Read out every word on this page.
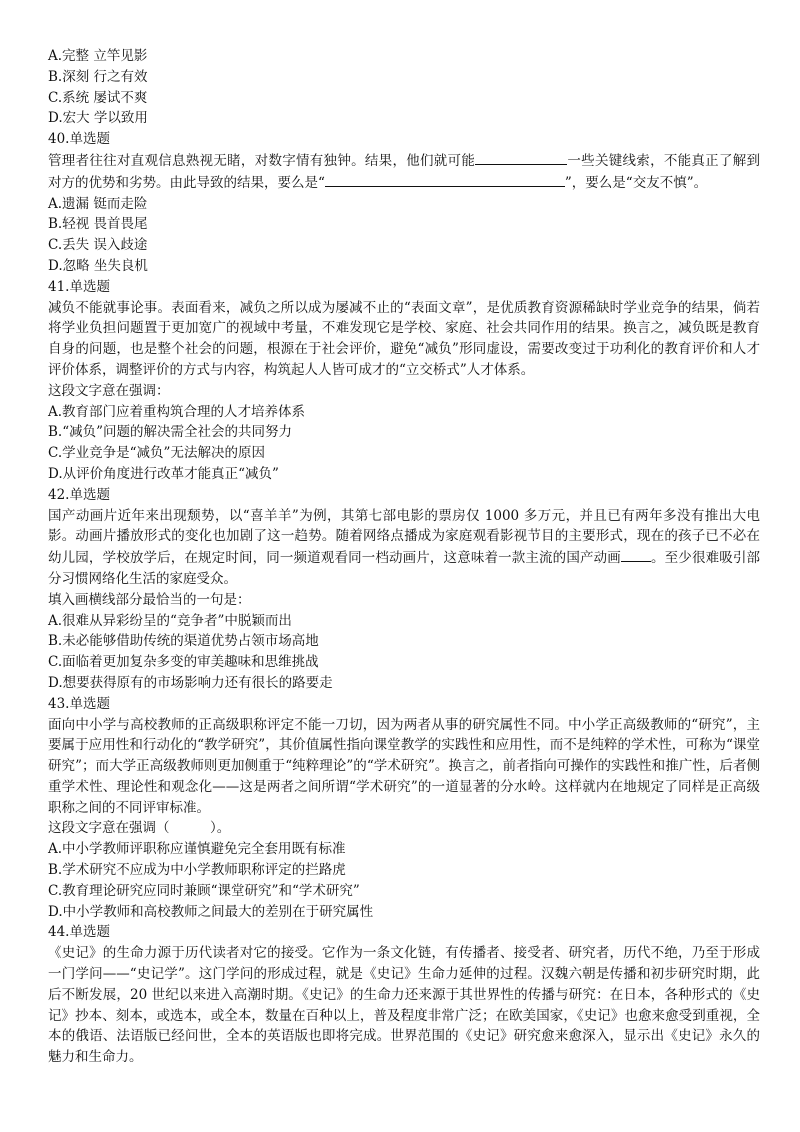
A.完整 立竿见影
B.深刻 行之有效
C.系统 屡试不爽
D.宏大 学以致用
40.单选题
管理者往往对直观信息熟视无睹，对数字情有独钟。结果，他们就可能	一些关键线索，不能真正了解到对方的优势和劣势。由此导致的结果，要么是“	”，要么是“交友不慎”。
A.遗漏 铤而走险
B.轻视 畏首畏尾
C.丢失 误入歧途
D.忽略 坐失良机
41.单选题
减负不能就事论事。表面看来，减负之所以成为屡减不止的“表面文章”，是优质教育资源稀缺时学业竞争的结果，倘若将学业负担问题置于更加宽广的视域中考量，不难发现它是学校、家庭、社会共同作用的结果。换言之，减负既是教育自身的问题，也是整个社会的问题，根源在于社会评价，避免“减负”形同虚设，需要改变过于功利化的教育评价和人才评价体系，调整评价的方式与内容，构筑起人人皆可成才的“立交桥式”人才体系。
这段文字意在强调：
A.教育部门应着重构筑合理的人才培养体系
B.“减负”问题的解决需全社会的共同努力
C.学业竞争是“减负”无法解决的原因
D.从评价角度进行改革才能真正“减负”
42.单选题
国产动画片近年来出现颓势，以“喜羊羊”为例，其第七部电影的票房仅 1000 多万元，并且已有两年多没有推出大电影。动画片播放形式的变化也加剧了这一趋势。随着网络点播成为家庭观看影视节目的主要形式，现在的孩子已不必在幼儿园，学校放学后，在规定时间，同一频道观看同一档动画片，这意味着一款主流的国产动画 。至少很难吸引部分习惯网络化生活的家庭受众。
填入画横线部分最恰当的一句是：
A.很难从异彩纷呈的“竞争者”中脱颖而出
B.未必能够借助传统的渠道优势占领市场高地
C.面临着更加复杂多变的审美趣味和思维挑战
D.想要获得原有的市场影响力还有很长的路要走
43.单选题
面向中小学与高校教师的正高级职称评定不能一刀切，因为两者从事的研究属性不同。中小学正高级教师的“研究”，主要属于应用性和行动化的“教学研究”，其价值属性指向课堂教学的实践性和应用性，而不是纯粹的学术性，可称为“课堂研究”；而大学正高级教师则更加侧重于“纯粹理论”的“学术研究”。换言之，前者指向可操作的实践性和推广性，后者侧重学术性、理论性和观念化——这是两者之间所谓“学术研究”的一道显著的分水岭。这样就内在地规定了同样是正高级职称之间的不同评审标准。
这段文字意在强调（　　　）。
A.中小学教师评职称应谨慎避免完全套用既有标准
B.学术研究不应成为中小学教师职称评定的拦路虎
C.教育理论研究应同时兼顾“课堂研究”和“学术研究”
D.中小学教师和高校教师之间最大的差别在于研究属性
44.单选题
《史记》的生命力源于历代读者对它的接受。它作为一条文化链，有传播者、接受者、研究者，历代不绝，乃至于形成一门学问——“史记学”。这门学问的形成过程，就是《史记》生命力延伸的过程。汉魏六朝是传播和初步研究时期，此后不断发展，20 世纪以来进入高潮时期。《史记》的生命力还来源于其世界性的传播与研究：在日本，各种形式的《史记》抄本、刻本，或选本，或全本，数量在百种以上，普及程度非常广泛；在欧美国家，《史记》也愈来愈受到重视，全本的俄语、法语版已经问世，全本的英语版也即将完成。世界范围的《史记》研究愈来愈深入，显示出《史记》永久的魅力和生命力。
